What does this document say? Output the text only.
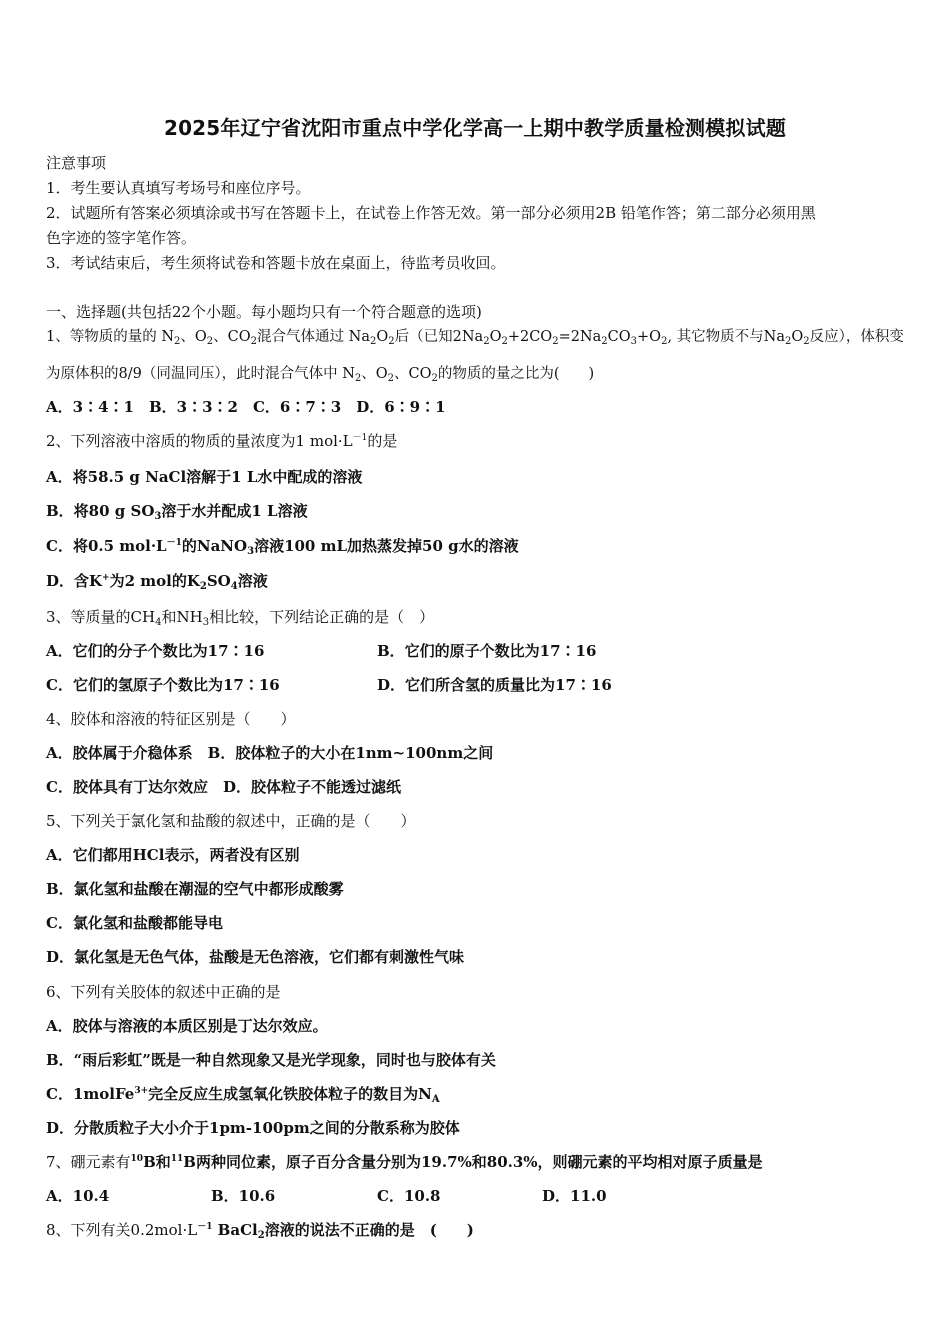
2025年辽宁省沈阳市重点中学化学高一上期中教学质量检测模拟试题
注意事项
1．考生要认真填写考场号和座位序号。
2．试题所有答案必须填涂或书写在答题卡上，在试卷上作答无效。第一部分必须用2B 铅笔作答；第二部分必须用黑
色字迹的签字笔作答。
3．考试结束后，考生须将试卷和答题卡放在桌面上，待监考员收回。
一、选择题(共包括22个小题。每小题均只有一个符合题意的选项)
1、等物质的量的 $N_2$、$O_2$、$CO_2$混合气体通过 $Na_2O_2$后（已知$2Na_2O_2+2CO_2=2Na_2CO_3+O_2$, 其它物质不与$Na_2O_2$反应），体积变
为原体积的8/9（同温同压），此时混合气体中 $N_2$、$O_2$、$CO_2$的物质的量之比为(　　)
A．3∶4∶1　B．3∶3∶2　C．6∶7∶3　D．6∶9∶1
2、下列溶液中溶质的物质的量浓度为1 $mol\cdot L^{-1}$的是
A．将58.5 g NaCl溶解于1 L水中配成的溶液
B．将80 g $SO_3$溶于水并配成1 L溶液
C．将0.5 $mol\cdot L^{-1}$的NaNO$_3$溶液100 mL加热蒸发掉50 g水的溶液
D．含K+为2 mol的$K_2SO_4$溶液
3、等质量的$CH_4$和$NH_3$相比较，下列结论正确的是（　）
A．它们的分子个数比为17∶16	B．它们的原子个数比为17∶16
C．它们的氢原子个数比为17∶16	D．它们所含氢的质量比为17∶16
4、胶体和溶液的特征区别是（　　）
A．胶体属于介稳体系　B．胶体粒子的大小在1nm~100nm之间
C．胶体具有丁达尔效应　D．胶体粒子不能透过滤纸
5、下列关于氯化氢和盐酸的叙述中，正确的是（　　）
A．它们都用HCl表示，两者没有区别
B．氯化氢和盐酸在潮湿的空气中都形成酸雾
C．氯化氢和盐酸都能导电
D．氯化氢是无色气体，盐酸是无色溶液，它们都有刺激性气味
6、下列有关胶体的叙述中正确的是
A．胶体与溶液的本质区别是丁达尔效应。
B．“雨后彩虹”既是一种自然现象又是光学现象，同时也与胶体有关
C．1molFe$^{3+}$完全反应生成氢氧化铁胶体粒子的数目为$N_A$
D．分散质粒子大小介于1pm-100pm之间的分散系称为胶体
7、硼元素有$^{10}$B和$^{11}$B两种同位素，原子百分含量分别为19.7%和80.3%，则硼元素的平均相对原子质量是
A．10.4	B．10.6	C．10.8	D．11.0
8、下列有关$0.2mol\cdot L^{-1}$ BaCl$_2$溶液的说法不正确的是　(　　)
